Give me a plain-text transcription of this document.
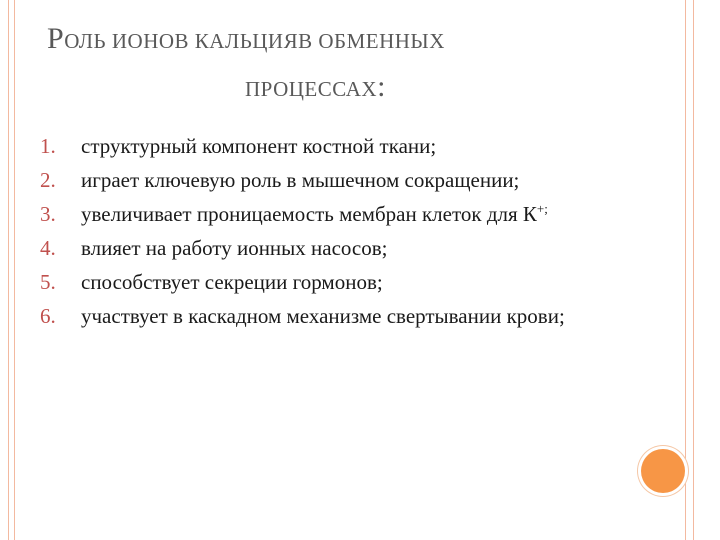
РОЛЬ ИОНОВ КАЛЬЦИЯВ ОБМЕННЫХ
ПРОЦЕССАХ:
1. структурный компонент костной ткани;
2. играет ключевую роль в мышечном сокращении;
3. увеличивает проницаемость мембран клеток для К+;
4. влияет на работу ионных насосов;
5. способствует секреции гормонов;
6. участвует в каскадном механизме свертывании крови;
